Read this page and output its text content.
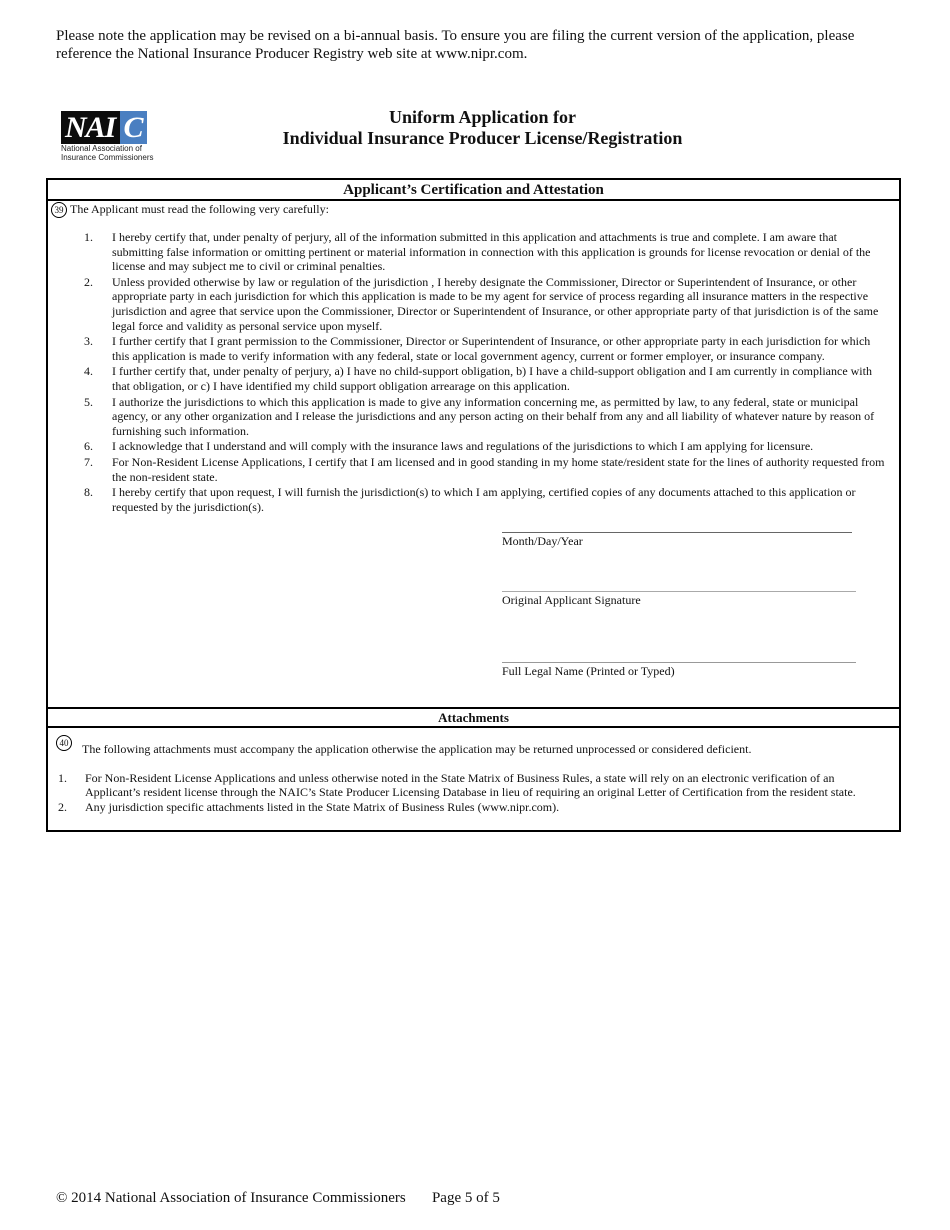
Please note the application may be revised on a bi-annual basis. To ensure you are filing the current version of the application, please reference the National Insurance Producer Registry web site at www.nipr.com.
NAI C
National Association of
Insurance Commissioners
Uniform Application for
Individual Insurance Producer License/Registration
Applicant’s Certification and Attestation
39 The Applicant must read the following very carefully:
1. I hereby certify that, under penalty of perjury, all of the information submitted in this application and attachments is true and complete. I am aware that submitting false information or omitting pertinent or material information in connection with this application is grounds for license revocation or denial of the license and may subject me to civil or criminal penalties.
2. Unless provided otherwise by law or regulation of the jurisdiction , I hereby designate the Commissioner, Director or Superintendent of Insurance, or other appropriate party in each jurisdiction for which this application is made to be my agent for service of process regarding all insurance matters in the respective jurisdiction and agree that service upon the Commissioner, Director or Superintendent of Insurance, or other appropriate party of that jurisdiction is of the same legal force and validity as personal service upon myself.
3. I further certify that I grant permission to the Commissioner, Director or Superintendent of Insurance, or other appropriate party in each jurisdiction for which this application is made to verify information with any federal, state or local government agency, current or former employer, or insurance company.
4. I further certify that, under penalty of perjury, a) I have no child-support obligation, b) I have a child-support obligation and I am currently in compliance with that obligation, or c) I have identified my child support obligation arrearage on this application.
5. I authorize the jurisdictions to which this application is made to give any information concerning me, as permitted by law, to any federal, state or municipal agency, or any other organization and I release the jurisdictions and any person acting on their behalf from any and all liability of whatever nature by reason of furnishing such information.
6. I acknowledge that I understand and will comply with the insurance laws and regulations of the jurisdictions to which I am applying for licensure.
7. For Non-Resident License Applications, I certify that I am licensed and in good standing in my home state/resident state for the lines of authority requested from the non-resident state.
8. I hereby certify that upon request, I will furnish the jurisdiction(s) to which I am applying, certified copies of any documents attached to this application or requested by the jurisdiction(s).
Month/Day/Year
Original Applicant Signature
Full Legal Name (Printed or Typed)
Attachments
40 The following attachments must accompany the application otherwise the application may be returned unprocessed or considered deficient.
1. For Non-Resident License Applications and unless otherwise noted in the State Matrix of Business Rules, a state will rely on an electronic verification of an Applicant’s resident license through the NAIC’s State Producer Licensing Database in lieu of requiring an original Letter of Certification from the resident state.
2. Any jurisdiction specific attachments listed in the State Matrix of Business Rules (www.nipr.com).
© 2014 National Association of Insurance Commissioners Page 5 of 5
